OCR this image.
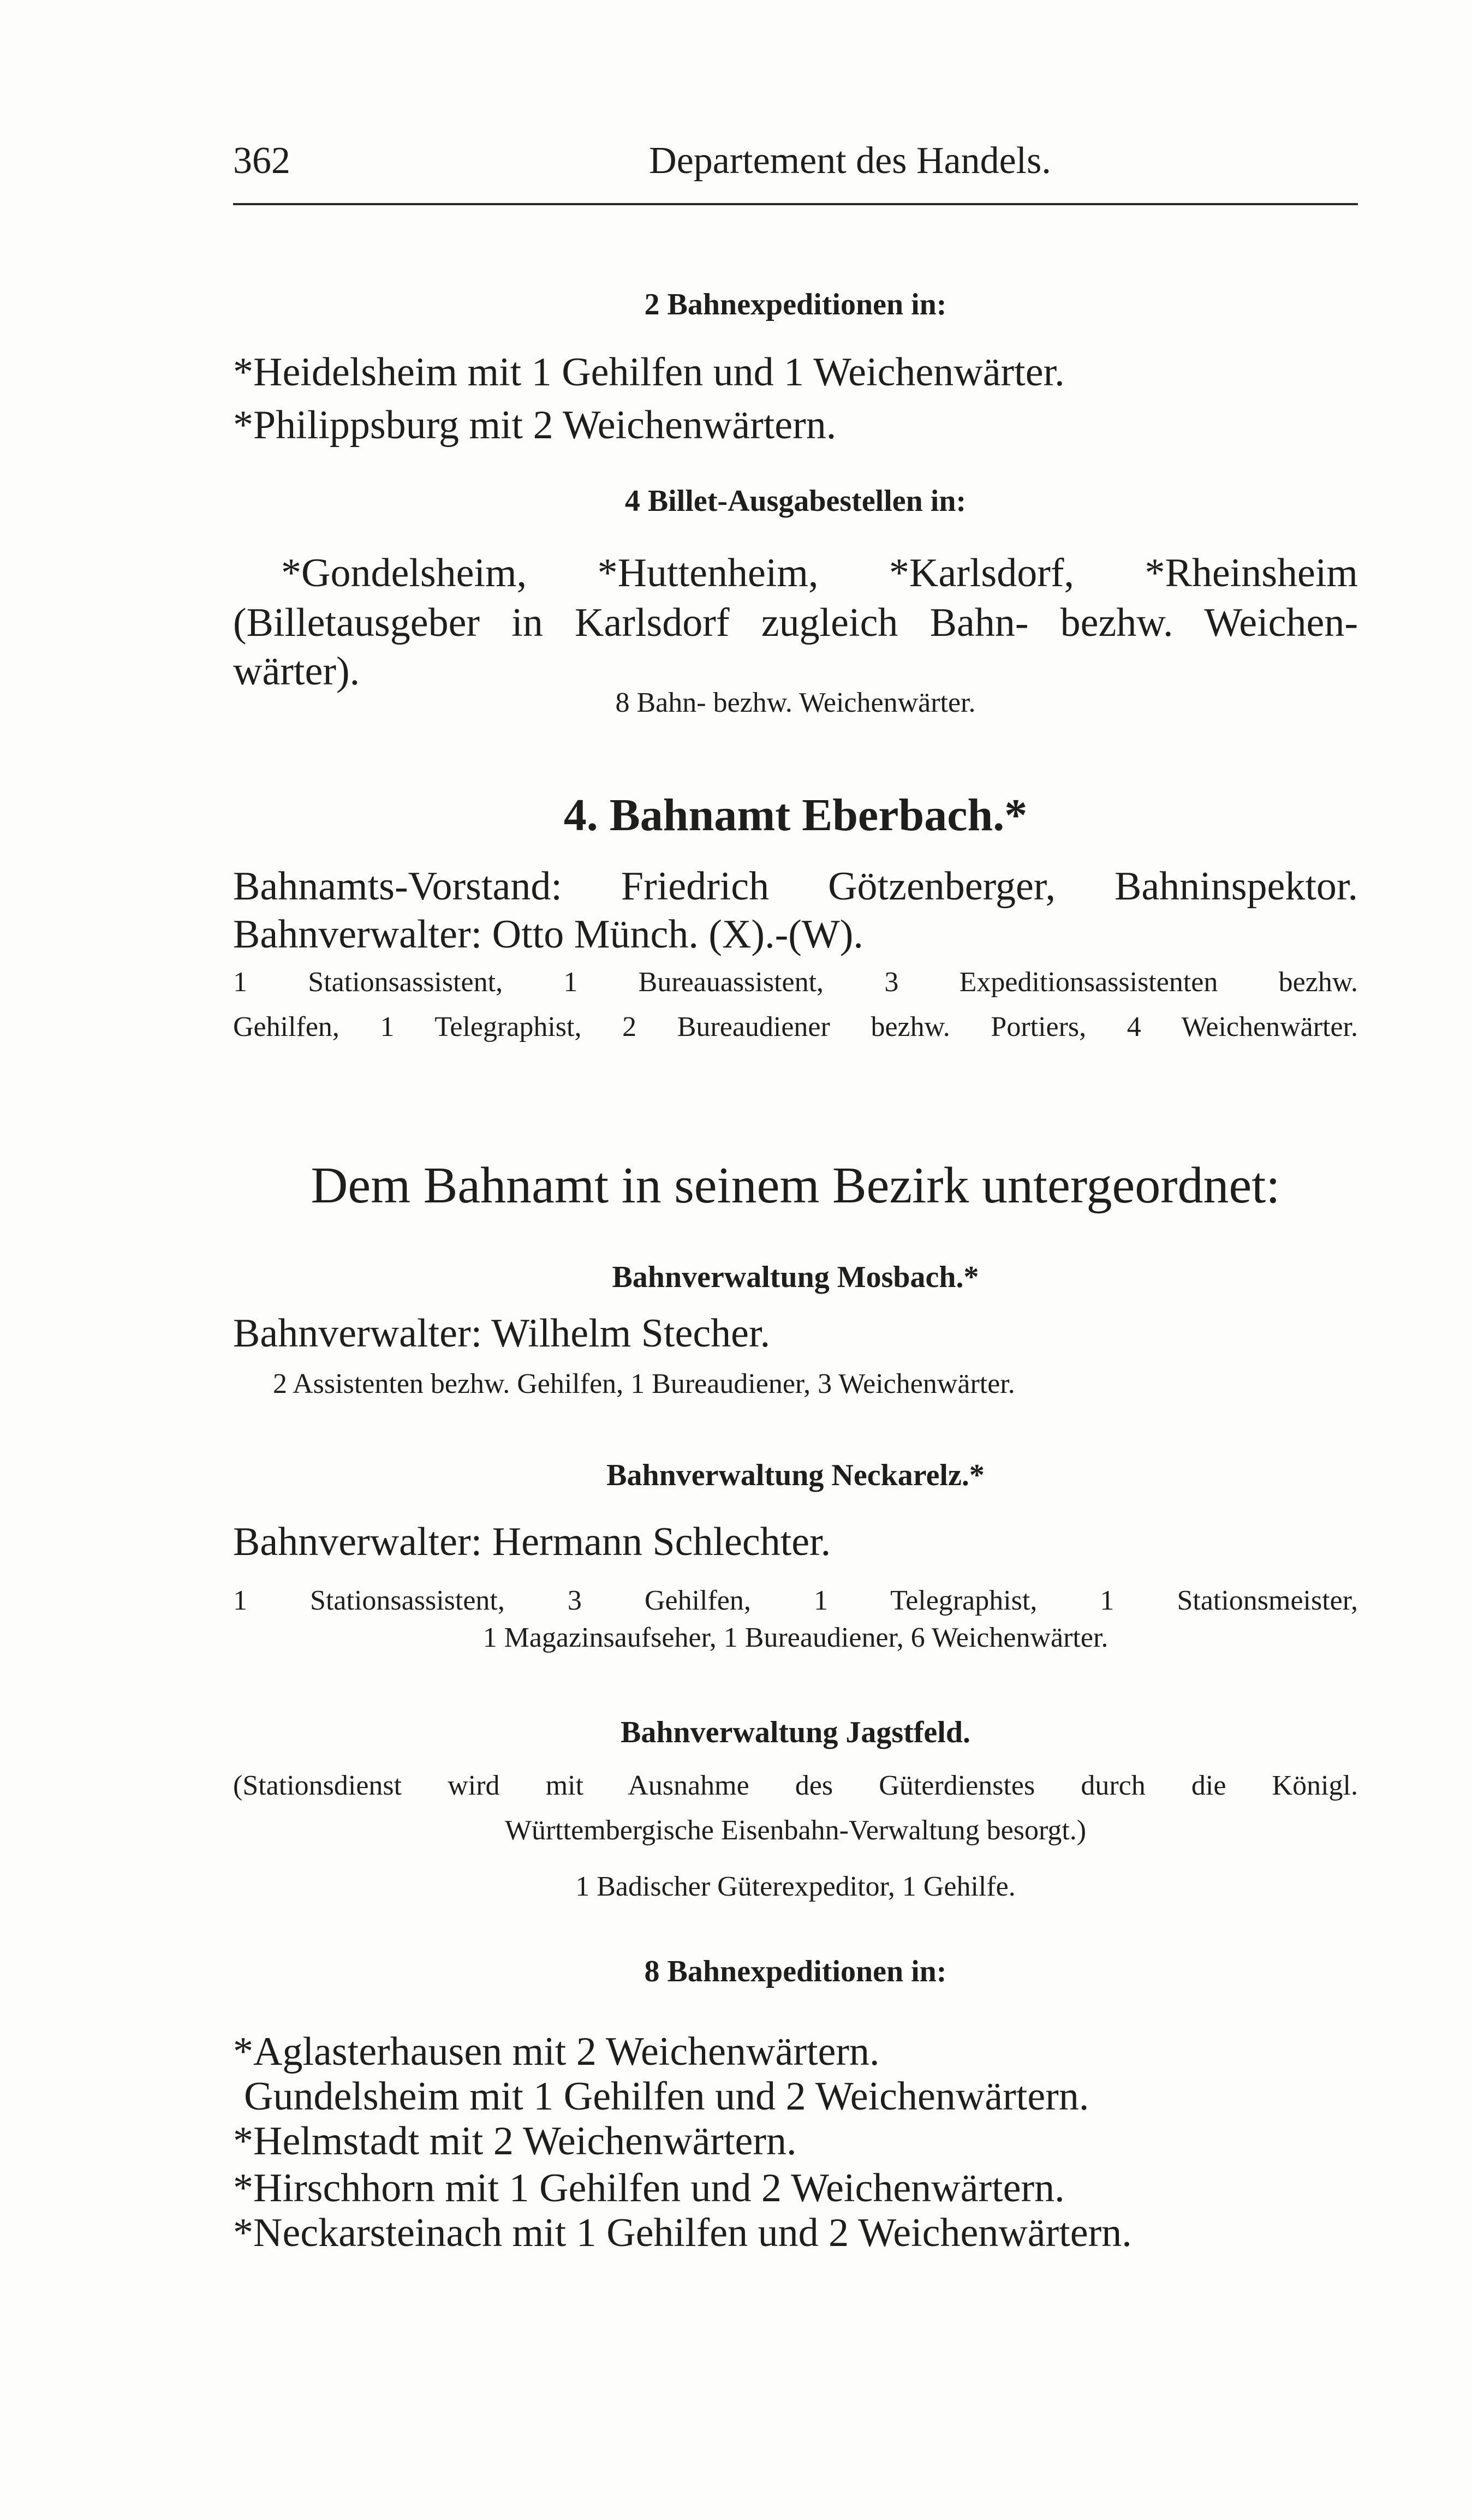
362	Departement des Handels.
2 Bahnexpeditionen in:
*Heidelsheim mit 1 Gehilfen und 1 Weichenwärter.
*Philippsburg mit 2 Weichenwärtern.
4 Billet-Ausgabestellen in:
*Gondelsheim, *Huttenheim, *Karlsdorf, *Rheinsheim
(Billetausgeber in Karlsdorf zugleich Bahn- bezhw. Weichen-
wärter).
8 Bahn- bezhw. Weichenwärter.
4. Bahnamt Eberbach.*
Bahnamts-Vorstand: Friedrich Götzenberger, Bahninspektor.
Bahnverwalter: Otto Münch. (X).-(W).
1 Stationsassistent, 1 Bureauassistent, 3 Expeditionsassistenten bezhw.
Gehilfen, 1 Telegraphist, 2 Bureaudiener bezhw. Portiers, 4 Weichenwärter.
Dem Bahnamt in seinem Bezirk untergeordnet:
Bahnverwaltung Mosbach.*
Bahnverwalter: Wilhelm Stecher.
2 Assistenten bezhw. Gehilfen, 1 Bureaudiener, 3 Weichenwärter.
Bahnverwaltung Neckarelz.*
Bahnverwalter: Hermann Schlechter.
1 Stationsassistent, 3 Gehilfen, 1 Telegraphist, 1 Stationsmeister,
1 Magazinsaufseher, 1 Bureaudiener, 6 Weichenwärter.
Bahnverwaltung Jagstfeld.
(Stationsdienst wird mit Ausnahme des Güterdienstes durch die Königl.
Württembergische Eisenbahn-Verwaltung besorgt.)
1 Badischer Güterexpeditor, 1 Gehilfe.
8 Bahnexpeditionen in:
*Aglasterhausen mit 2 Weichenwärtern.
Gundelsheim mit 1 Gehilfen und 2 Weichenwärtern.
*Helmstadt mit 2 Weichenwärtern.
*Hirschhorn mit 1 Gehilfen und 2 Weichenwärtern.
*Neckarsteinach mit 1 Gehilfen und 2 Weichenwärtern.
